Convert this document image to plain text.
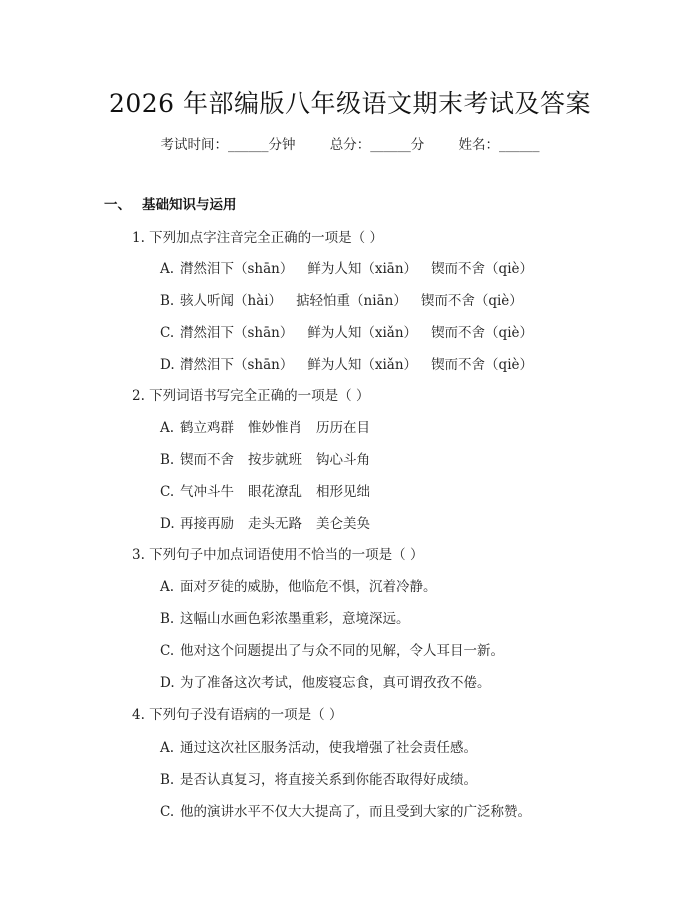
2026 年部编版八年级语文期末考试及答案
考试时间：______分钟	总分：______分	姓名：______
一、 基础知识与运用
1. 下列加点字注音完全正确的一项是（ ）
A. 潸然泪下（shān） 鲜为人知（xiān） 锲而不舍（qiè）
B. 骇人听闻（hài） 掂轻怕重（niān） 锲而不舍（qiè）
C. 潸然泪下（shān） 鲜为人知（xiǎn） 锲而不舍（qiè）
D. 潸然泪下（shān） 鲜为人知（xiǎn） 锲而不舍（qiè）
2. 下列词语书写完全正确的一项是（ ）
A. 鹤立鸡群 惟妙惟肖 历历在目
B. 锲而不舍 按步就班 钩心斗角
C. 气冲斗牛 眼花潦乱 相形见绌
D. 再接再励 走头无路 美仑美奂
3. 下列句子中加点词语使用不恰当的一项是（ ）
A. 面对歹徒的威胁，他临危不惧，沉着冷静。
B. 这幅山水画色彩浓墨重彩，意境深远。
C. 他对这个问题提出了与众不同的见解，令人耳目一新。
D. 为了准备这次考试，他废寝忘食，真可谓孜孜不倦。
4. 下列句子没有语病的一项是（ ）
A. 通过这次社区服务活动，使我增强了社会责任感。
B. 是否认真复习，将直接关系到你能否取得好成绩。
C. 他的演讲水平不仅大大提高了，而且受到大家的广泛称赞。
